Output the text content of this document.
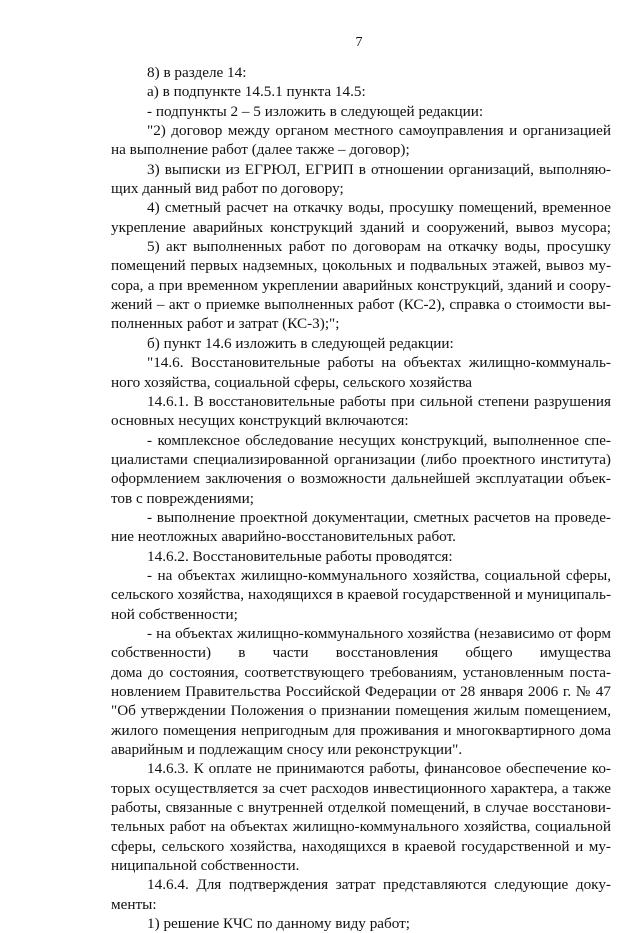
7
8) в разделе 14:
а) в подпункте 14.5.1 пункта 14.5:
- подпункты 2 – 5 изложить в следующей редакции:
"2) договор между органом местного самоуправления и организацией
на выполнение работ (далее также – договор);
3) выписки из ЕГРЮЛ, ЕГРИП в отношении организаций, выполняю-
щих данный вид работ по договору;
4) сметный расчет на откачку воды, просушку помещений, временное
укрепление аварийных конструкций зданий и сооружений, вывоз мусора;
5) акт выполненных работ по договорам на откачку воды, просушку
помещений первых надземных, цокольных и подвальных этажей, вывоз му-
сора, а при временном укреплении аварийных конструкций, зданий и соору-
жений – акт о приемке выполненных работ (КС-2), справка о стоимости вы-
полненных работ и затрат (КС-3);";
б) пункт 14.6 изложить в следующей редакции:
"14.6. Восстановительные работы на объектах жилищно-коммуналь-
ного хозяйства, социальной сферы, сельского хозяйства
14.6.1. В восстановительные работы при сильной степени разрушения
основных несущих конструкций включаются:
- комплексное обследование несущих конструкций, выполненное спе-
циалистами специализированной организации (либо проектного института)
оформлением заключения о возможности дальнейшей эксплуатации объек-
тов с повреждениями;
- выполнение проектной документации, сметных расчетов на проведе-
ние неотложных аварийно-восстановительных работ.
14.6.2. Восстановительные работы проводятся:
- на объектах жилищно-коммунального хозяйства, социальной сферы,
сельского хозяйства, находящихся в краевой государственной и муниципаль-
ной собственности;
- на объектах жилищно-коммунального хозяйства (независимо от форм
собственности) в части восстановления общего имущества
дома до состояния, соответствующего требованиям, установленным поста-
новлением Правительства Российской Федерации от 28 января 2006 г. № 47
"Об утверждении Положения о признании помещения жилым помещением,
жилого помещения непригодным для проживания и многоквартирного дома
аварийным и подлежащим сносу или реконструкции".
14.6.3. К оплате не принимаются работы, финансовое обеспечение ко-
торых осуществляется за счет расходов инвестиционного характера, а также
работы, связанные с внутренней отделкой помещений, в случае восстанови-
тельных работ на объектах жилищно-коммунального хозяйства, социальной
сферы, сельского хозяйства, находящихся в краевой государственной и му-
ниципальной собственности.
14.6.4. Для подтверждения затрат представляются следующие доку-
менты:
1) решение КЧС по данному виду работ;
